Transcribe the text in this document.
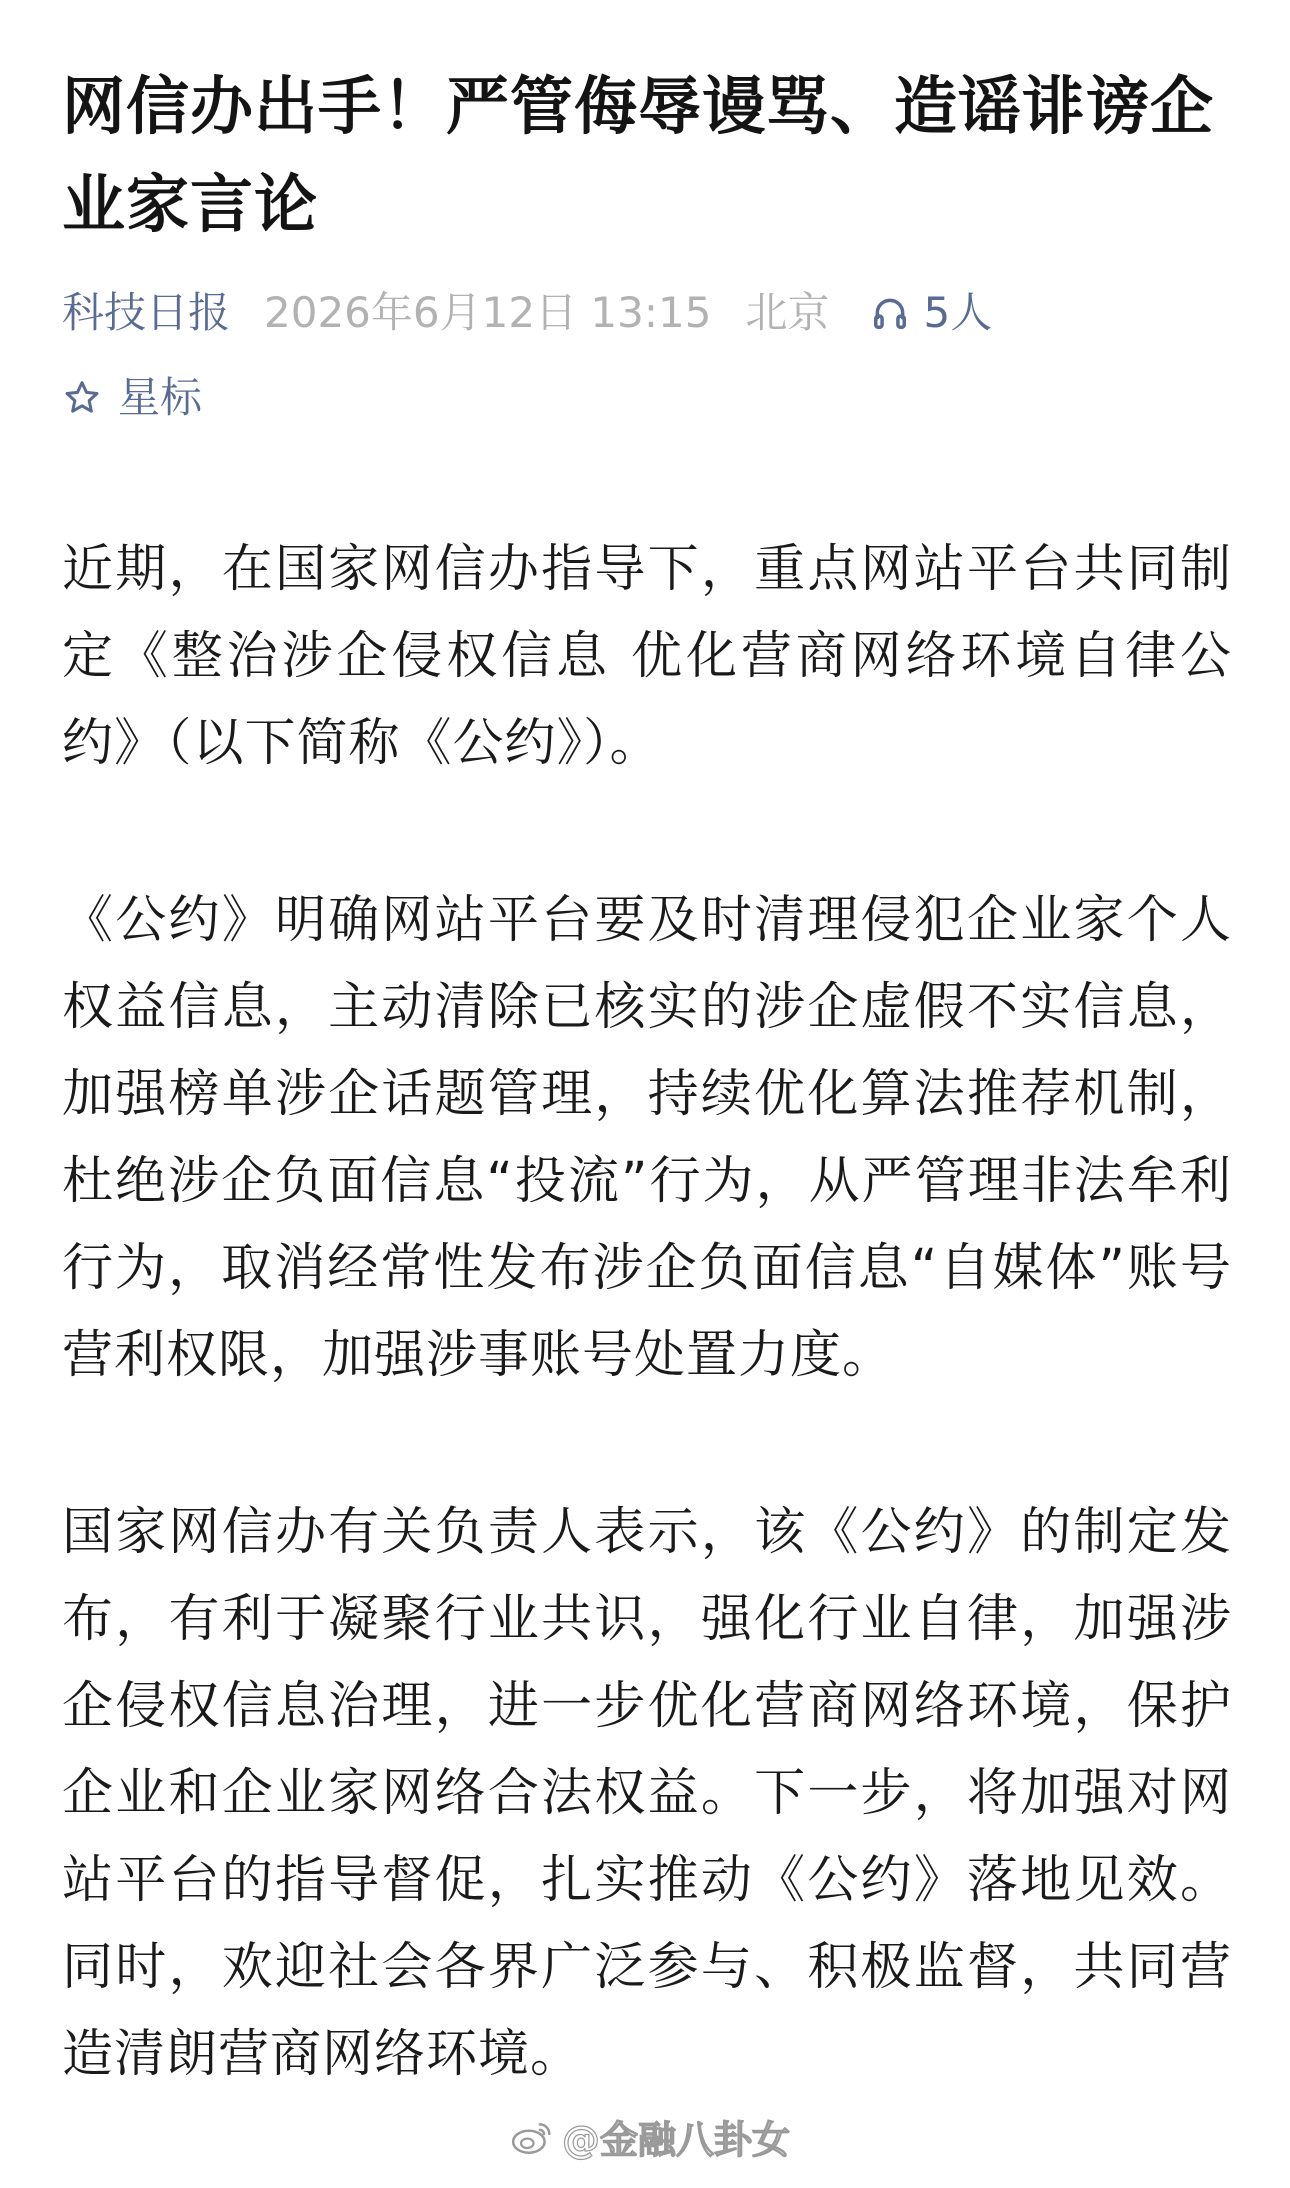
网信办出手！严管侮辱谩骂、造谣诽谤企业家言论
科技日报 2026年6月12日 13:15 北京 5人
星标

近期，在国家网信办指导下，重点网站平台共同制定《整治涉企侵权信息 优化营商网络环境自律公约》（以下简称《公约》）。

《公约》明确网站平台要及时清理侵犯企业家个人权益信息，主动清除已核实的涉企虚假不实信息，加强榜单涉企话题管理，持续优化算法推荐机制，杜绝涉企负面信息“投流”行为，从严管理非法牟利行为，取消经常性发布涉企负面信息“自媒体”账号营利权限，加强涉事账号处置力度。

国家网信办有关负责人表示，该《公约》的制定发布，有利于凝聚行业共识，强化行业自律，加强涉企侵权信息治理，进一步优化营商网络环境，保护企业和企业家网络合法权益。下一步，将加强对网站平台的指导督促，扎实推动《公约》落地见效。同时，欢迎社会各界广泛参与、积极监督，共同营造清朗营商网络环境。

@金融八卦女
